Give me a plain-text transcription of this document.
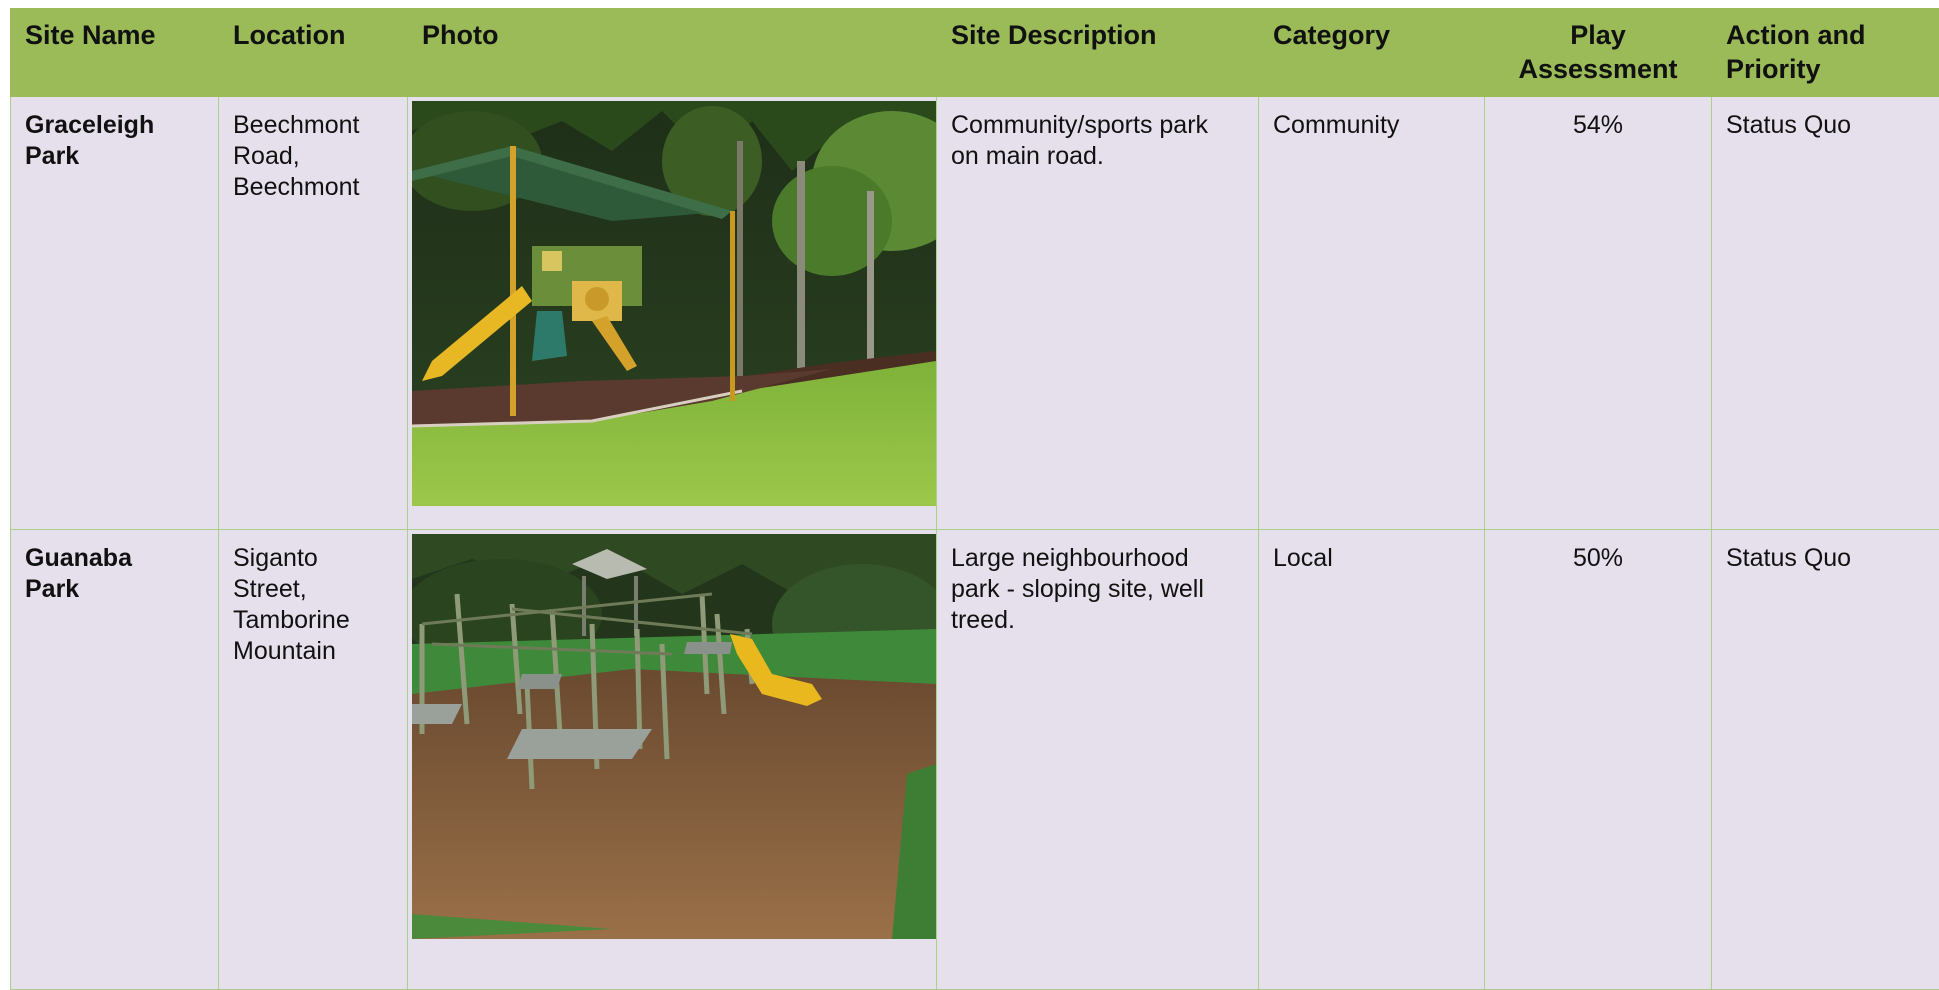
Site Name	Location	Photo	Site Description	Category	Play
Assessment	Action and
Priority
Graceleigh
Park	Beechmont
Road,
Beechmont		Community/sports park
on main road.	Community	54%	Status Quo
Guanaba
Park	Siganto
Street,
Tamborine
Mountain		Large neighbourhood
park - sloping site, well
treed.	Local	50%	Status Quo
